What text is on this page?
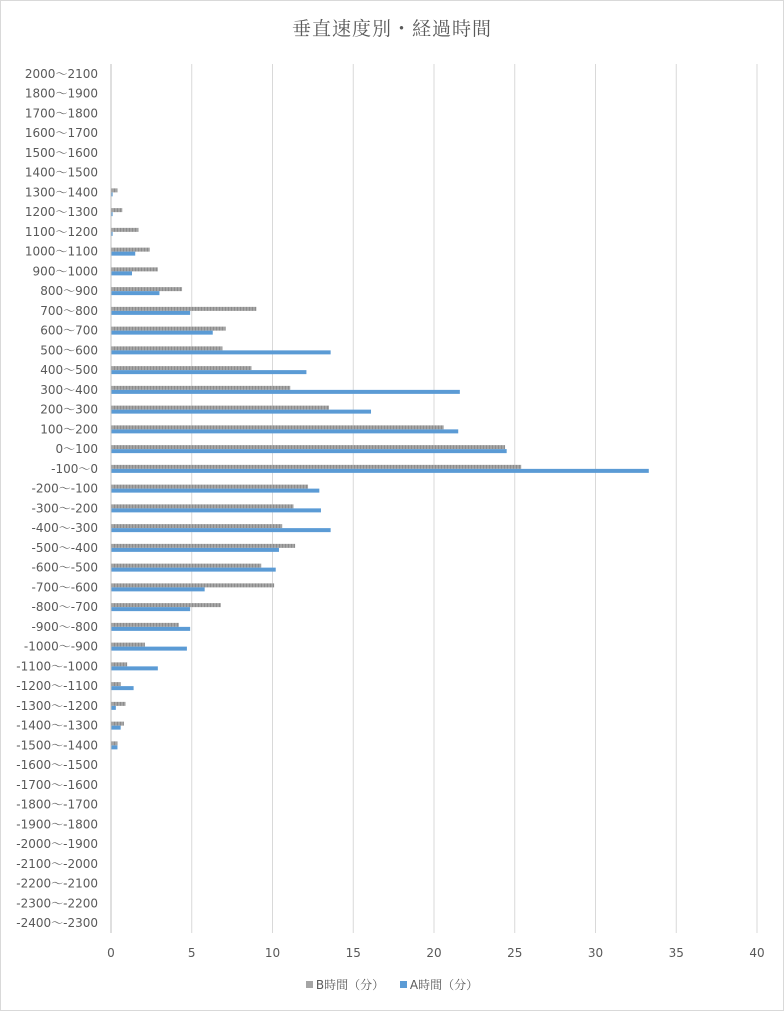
垂直速度別・経過時間
2000～2100
1800～1900
1700～1800
1600～1700
1500～1600
1400～1500
1300～1400
1200～1300
1100～1200
1000～1100
900～1000
800～900
700～800
600～700
500～600
400～500
300～400
200～300
100～200
0～100
-100～0
-200～-100
-300～-200
-400～-300
-500～-400
-600～-500
-700～-600
-800～-700
-900～-800
-1000～-900
-1100～-1000
-1200～-1100
-1300～-1200
-1400～-1300
-1500～-1400
-1600～-1500
-1700～-1600
-1800～-1700
-1900～-1800
-2000～-1900
-2100～-2000
-2200～-2100
-2300～-2200
-2400～-2300
0	5	10	15	20	25	30	35	40
B時間（分） A時間（分）
